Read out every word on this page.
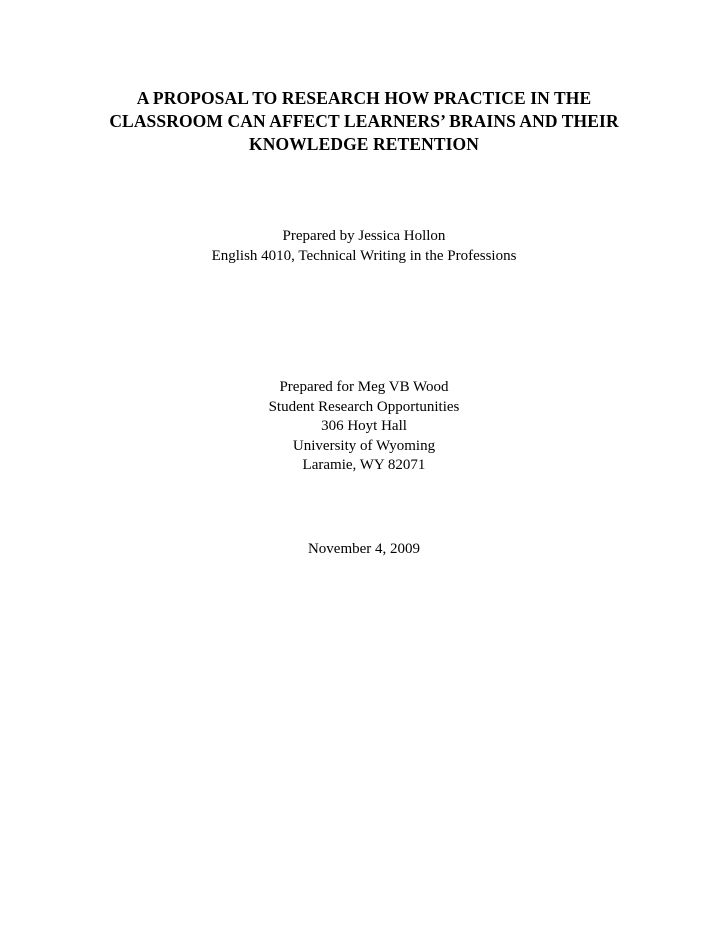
A PROPOSAL TO RESEARCH HOW PRACTICE IN THE
CLASSROOM CAN AFFECT LEARNERS’ BRAINS AND THEIR
KNOWLEDGE RETENTION
Prepared by Jessica Hollon
English 4010, Technical Writing in the Professions
Prepared for Meg VB Wood
Student Research Opportunities
306 Hoyt Hall
University of Wyoming
Laramie, WY 82071
November 4, 2009
